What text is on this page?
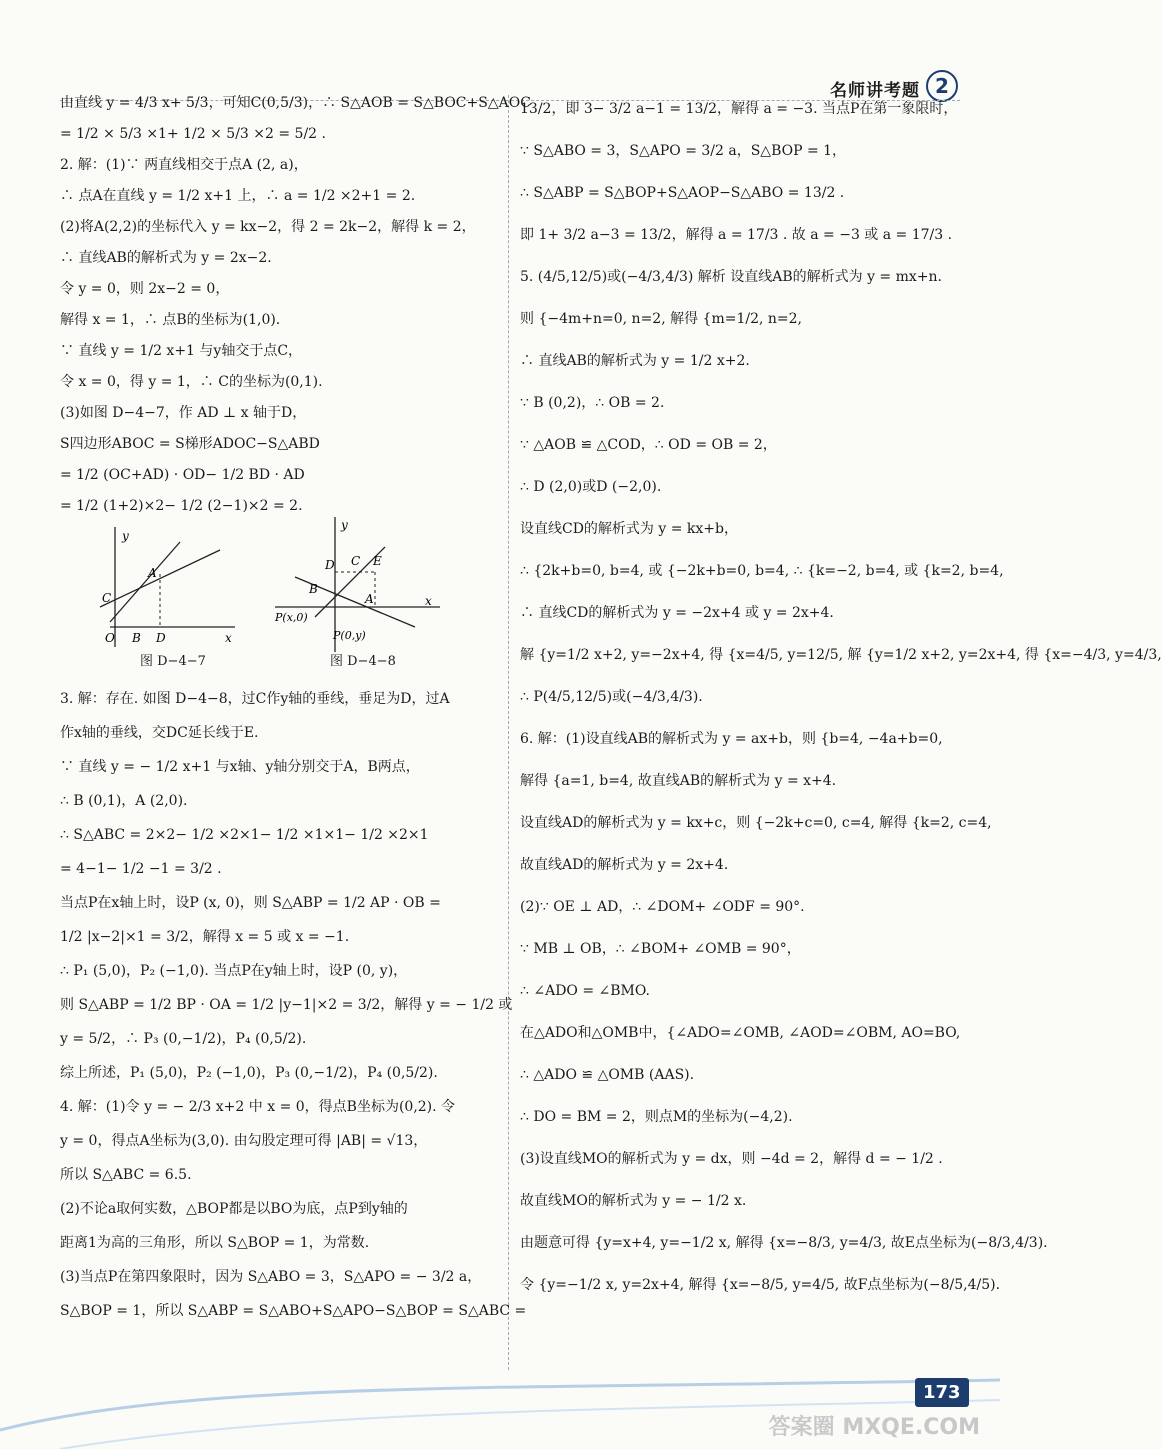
名师讲考题 2
由直线 y = 4/3 x+ 5/3，可知C(0,5/3)，∴ S△AOB = S△BOC+S△AOC
= 1/2 × 5/3 ×1+ 1/2 × 5/3 ×2 = 5/2 .
2. 解：(1)∵ 两直线相交于点A (2, a)，
∴ 点A在直线 y = 1/2 x+1 上，∴ a = 1/2 ×2+1 = 2.
(2)将A(2,2)的坐标代入 y = kx−2，得 2 = 2k−2，解得 k = 2，
∴ 直线AB的解析式为 y = 2x−2.
令 y = 0，则 2x−2 = 0，
解得 x = 1，∴ 点B的坐标为(1,0).
∵ 直线 y = 1/2 x+1 与y轴交于点C，
令 x = 0，得 y = 1，∴ C的坐标为(0,1).
(3)如图 D−4−7，作 AD ⊥ x 轴于D，
S四边形ABOC = S梯形ADOC−S△ABD
= 1/2 (OC+AD) · OD− 1/2 BD · AD
= 1/2 (1+2)×2− 1/2 (2−1)×2 = 2.
y
x
C
A
O B D
y
x
D C E
B
A
P(x,0)
P(0,y)
图 D−4−7	图 D−4−8
3. 解：存在. 如图 D−4−8，过C作y轴的垂线，垂足为D，过A
作x轴的垂线，交DC延长线于E.
∵ 直线 y = − 1/2 x+1 与x轴、y轴分别交于A，B两点，
∴ B (0,1)，A (2,0).
∴ S△ABC = 2×2− 1/2 ×2×1− 1/2 ×1×1− 1/2 ×2×1
= 4−1− 1/2 −1 = 3/2 .
当点P在x轴上时，设P (x, 0)，则 S△ABP = 1/2 AP · OB =
1/2 |x−2|×1 = 3/2，解得 x = 5 或 x = −1.
∴ P₁ (5,0)，P₂ (−1,0). 当点P在y轴上时，设P (0, y)，
则 S△ABP = 1/2 BP · OA = 1/2 |y−1|×2 = 3/2，解得 y = − 1/2 或
y = 5/2，∴ P₃ (0,−1/2)，P₄ (0,5/2).
综上所述，P₁ (5,0)，P₂ (−1,0)，P₃ (0,−1/2)，P₄ (0,5/2).
4. 解：(1)令 y = − 2/3 x+2 中 x = 0，得点B坐标为(0,2). 令
y = 0，得点A坐标为(3,0). 由勾股定理可得 |AB| = √13，
所以 S△ABC = 6.5.
(2)不论a取何实数，△BOP都是以BO为底，点P到y轴的
距离1为高的三角形，所以 S△BOP = 1，为常数.
(3)当点P在第四象限时，因为 S△ABO = 3，S△APO = − 3/2 a，
S△BOP = 1，所以 S△ABP = S△ABO+S△APO−S△BOP = S△ABC =
13/2，即 3− 3/2 a−1 = 13/2，解得 a = −3. 当点P在第一象限时，
∵ S△ABO = 3，S△APO = 3/2 a，S△BOP = 1，
∴ S△ABP = S△BOP+S△AOP−S△ABO = 13/2 .
即 1+ 3/2 a−3 = 13/2，解得 a = 17/3 . 故 a = −3 或 a = 17/3 .
5. (4/5,12/5)或(−4/3,4/3) 解析 设直线AB的解析式为 y = mx+n.
则 {−4m+n=0, n=2, 解得 {m=1/2, n=2,
∴ 直线AB的解析式为 y = 1/2 x+2.
∵ B (0,2)，∴ OB = 2.
∵ △AOB ≌ △COD，∴ OD = OB = 2，
∴ D (2,0)或D (−2,0).
设直线CD的解析式为 y = kx+b，
∴ {2k+b=0, b=4, 或 {−2k+b=0, b=4, ∴ {k=−2, b=4, 或 {k=2, b=4,
∴ 直线CD的解析式为 y = −2x+4 或 y = 2x+4.
解 {y=1/2 x+2, y=−2x+4, 得 {x=4/5, y=12/5, 解 {y=1/2 x+2, y=2x+4, 得 {x=−4/3, y=4/3,
∴ P(4/5,12/5)或(−4/3,4/3).
6. 解：(1)设直线AB的解析式为 y = ax+b，则 {b=4, −4a+b=0,
解得 {a=1, b=4, 故直线AB的解析式为 y = x+4.
设直线AD的解析式为 y = kx+c，则 {−2k+c=0, c=4, 解得 {k=2, c=4,
故直线AD的解析式为 y = 2x+4.
(2)∵ OE ⊥ AD，∴ ∠DOM+ ∠ODF = 90°.
∵ MB ⊥ OB，∴ ∠BOM+ ∠OMB = 90°，
∴ ∠ADO = ∠BMO.
在△ADO和△OMB中，{∠ADO=∠OMB, ∠AOD=∠OBM, AO=BO,
∴ △ADO ≌ △OMB (AAS).
∴ DO = BM = 2，则点M的坐标为(−4,2).
(3)设直线MO的解析式为 y = dx，则 −4d = 2，解得 d = − 1/2 .
故直线MO的解析式为 y = − 1/2 x.
由题意可得 {y=x+4, y=−1/2 x, 解得 {x=−8/3, y=4/3, 故E点坐标为(−8/3,4/3).
令 {y=−1/2 x, y=2x+4, 解得 {x=−8/5, y=4/5, 故F点坐标为(−8/5,4/5).
173
答案圈 MXQE.COM
